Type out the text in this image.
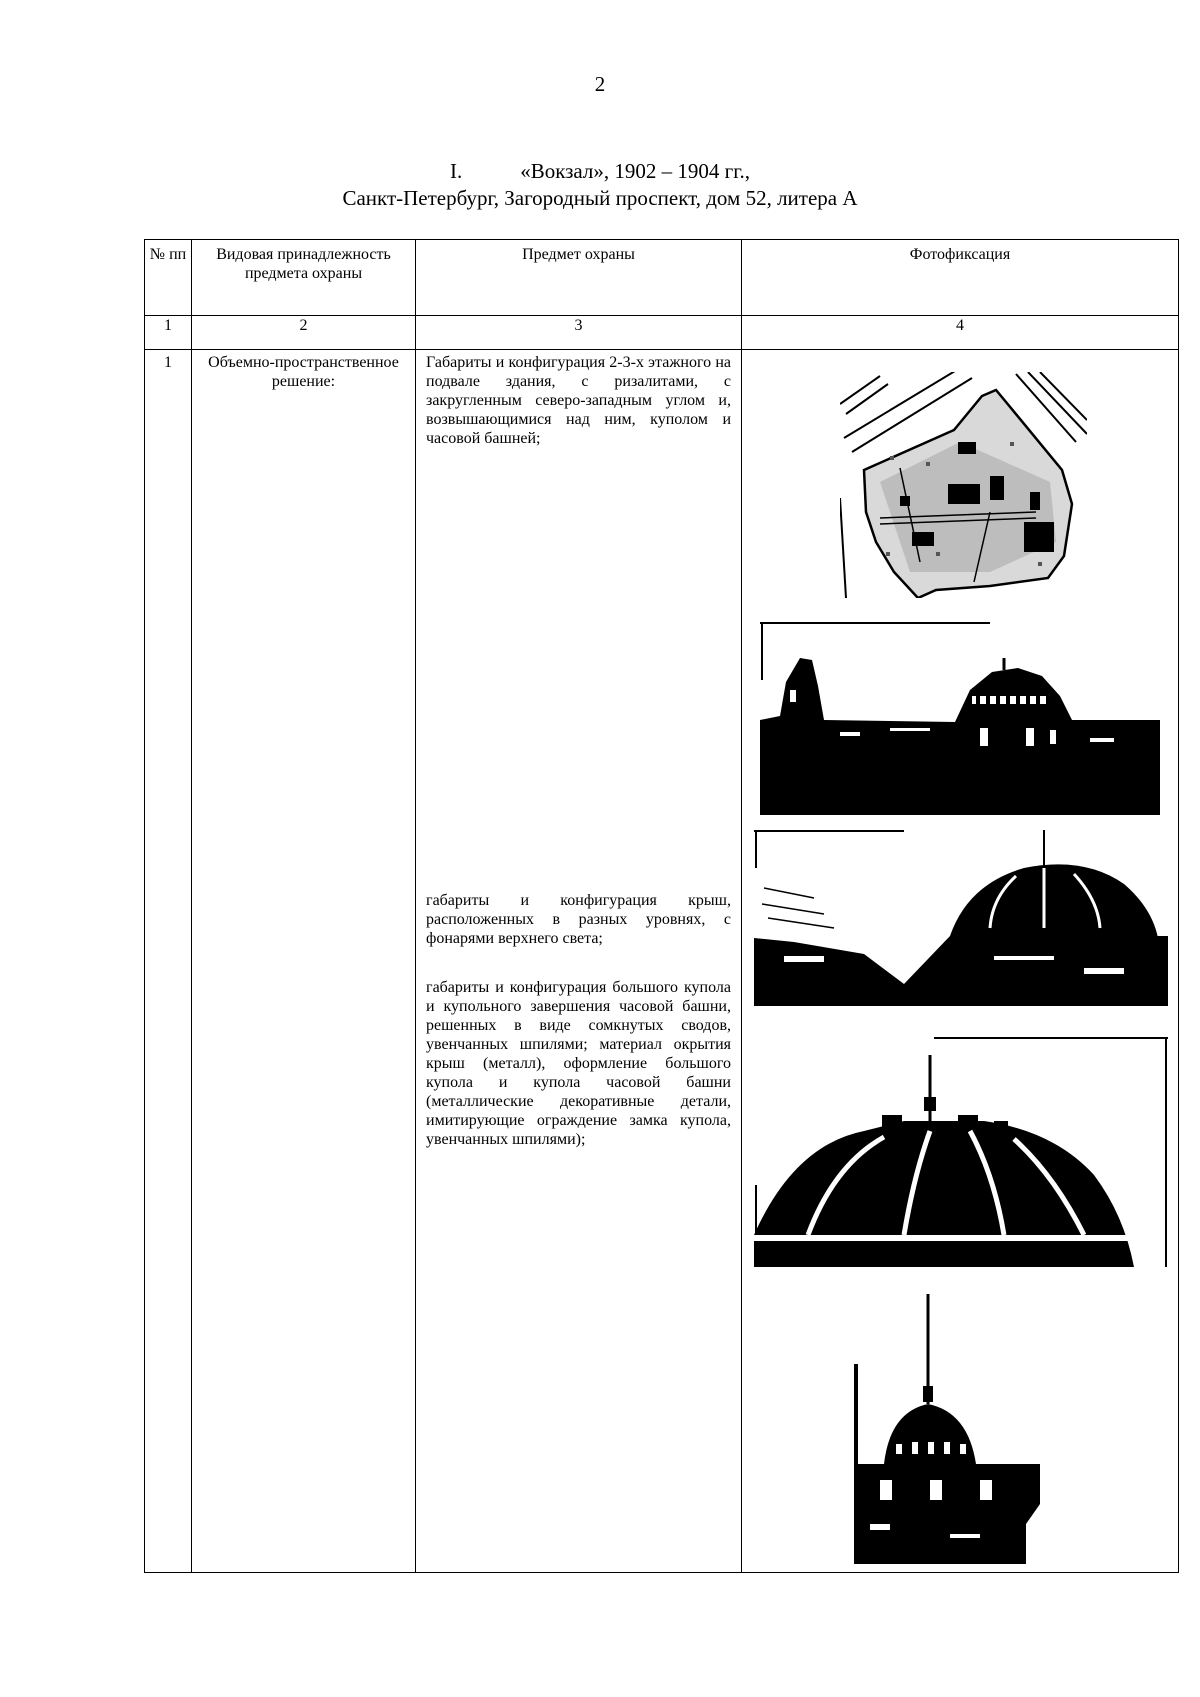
2
I.	«Вокзал», 1902 – 1904 гг.,
Санкт-Петербург, Загородный проспект, дом 52, литера А
№ пп	Видовая принадлежность предмета охраны	Предмет охраны	Фотофиксация
1	2	3	4
1	Объемно-пространственное решение:	Габариты и конфигурация 2-3-х этажного на подвале здания, с ризалитами, с закругленным северо-западным углом и, возвышающимися над ним, куполом и часовой башней;
габариты и конфигурация крыш, расположенных в разных уровнях, с фонарями верхнего света;
габариты и конфигурация большого купола и купольного завершения часовой башни, решенных в виде сомкнутых сводов, увенчанных шпилями; материал окрытия крыш (металл), оформление большого купола и купола часовой башни (металлические декоративные детали, имитирующие ограждение замка купола, увенчанных шпилями);
